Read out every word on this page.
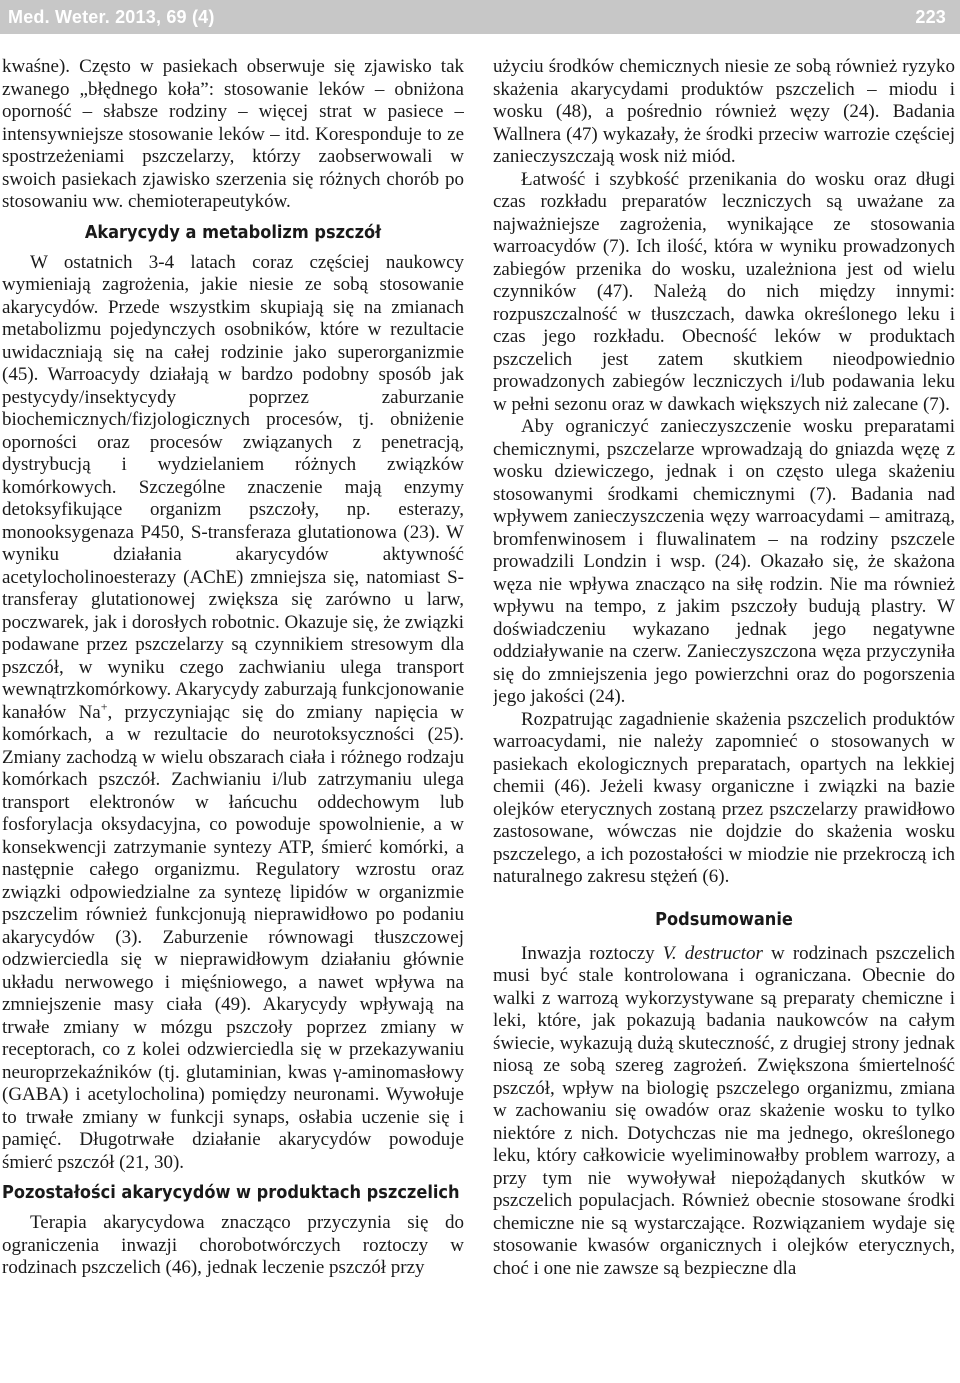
Med. Weter. 2013, 69 (4)	223

kwaśne). Często w pasiekach obserwuje się zjawisko tak zwanego „błędnego koła”: stosowanie leków – obniżona oporność – słabsze rodziny – więcej strat w pasiece – intensywniejsze stosowanie leków – itd. Koresponduje to ze spostrzeżeniami pszczelarzy, którzy zaobserwowali w swoich pasiekach zjawisko szerzenia się różnych chorób po stosowaniu ww. chemioterapeutyków.

Akarycydy a metabolizm pszczół

W ostatnich 3-4 latach coraz częściej naukowcy wymieniają zagrożenia, jakie niesie ze sobą stosowanie akarycydów. Przede wszystkim skupiają się na zmianach metabolizmu pojedynczych osobników, które w rezultacie uwidaczniają się na całej rodzinie jako superorganizmie (45). Warroacydy działają w bardzo podobny sposób jak pestycydy/insektycydy poprzez zaburzanie biochemicznych/fizjologicznych procesów, tj. obniżenie oporności oraz procesów związanych z penetracją, dystrybucją i wydzielaniem różnych związków komórkowych. Szczególne znaczenie mają enzymy detoksyfikujące organizm pszczoły, np. esterazy, monooksygenaza P450, S-transferaza glutationowa (23). W wyniku działania akarycydów aktywność acetylocholinoesterazy (AChE) zmniejsza się, natomiast S-transferay glutationowej zwiększa się zarówno u larw, poczwarek, jak i dorosłych robotnic. Okazuje się, że związki podawane przez pszczelarzy są czynnikiem stresowym dla pszczół, w wyniku czego zachwianiu ulega transport wewnątrzkomórkowy. Akarycydy zaburzają funkcjonowanie kanałów Na+, przyczyniając się do zmiany napięcia w komórkach, a w rezultacie do neurotoksyczności (25). Zmiany zachodzą w wielu obszarach ciała i różnego rodzaju komórkach pszczół. Zachwianiu i/lub zatrzymaniu ulega transport elektronów w łańcuchu oddechowym lub fosforylacja oksydacyjna, co powoduje spowolnienie, a w konsekwencji zatrzymanie syntezy ATP, śmierć komórki, a następnie całego organizmu. Regulatory wzrostu oraz związki odpowiedzialne za syntezę lipidów w organizmie pszczelim również funkcjonują nieprawidłowo po podaniu akarycydów (3). Zaburzenie równowagi tłuszczowej odzwierciedla się w nieprawidłowym działaniu głównie układu nerwowego i mięśniowego, a nawet wpływa na zmniejszenie masy ciała (49). Akarycydy wpływają na trwałe zmiany w mózgu pszczoły poprzez zmiany w receptorach, co z kolei odzwierciedla się w przekazywaniu neuroprzekaźników (tj. glutaminian, kwas γ-aminomasłowy (GABA) i acetylocholina) pomiędzy neuronami. Wywołuje to trwałe zmiany w funkcji synaps, osłabia uczenie się i pamięć. Długotrwałe działanie akarycydów powoduje śmierć pszczół (21, 30).

Pozostałości akarycydów w produktach pszczelich

Terapia akarycydowa znacząco przyczynia się do ograniczenia inwazji chorobotwórczych roztoczy w rodzinach pszczelich (46), jednak leczenie pszczół przy

użyciu środków chemicznych niesie ze sobą również ryzyko skażenia akarycydami produktów pszczelich – miodu i wosku (48), a pośrednio również węzy (24). Badania Wallnera (47) wykazały, że środki przeciw warrozie częściej zanieczyszczają wosk niż miód.

Łatwość i szybkość przenikania do wosku oraz długi czas rozkładu preparatów leczniczych są uważane za najważniejsze zagrożenia, wynikające ze stosowania warroacydów (7). Ich ilość, która w wyniku prowadzonych zabiegów przenika do wosku, uzależniona jest od wielu czynników (47). Należą do nich między innymi: rozpuszczalność w tłuszczach, dawka określonego leku i czas jego rozkładu. Obecność leków w produktach pszczelich jest zatem skutkiem nieodpowiednio prowadzonych zabiegów leczniczych i/lub podawania leku w pełni sezonu oraz w dawkach większych niż zalecane (7).

Aby ograniczyć zanieczyszczenie wosku preparatami chemicznymi, pszczelarze wprowadzają do gniazda węzę z wosku dziewiczego, jednak i on często ulega skażeniu stosowanymi środkami chemicznymi (7). Badania nad wpływem zanieczyszczenia węzy warroacydami – amitrazą, bromfenwinosem i fluwalinatem – na rodziny pszczele prowadzili Londzin i wsp. (24). Okazało się, że skażona węza nie wpływa znacząco na siłę rodzin. Nie ma również wpływu na tempo, z jakim pszczoły budują plastry. W doświadczeniu wykazano jednak jego negatywne oddziaływanie na czerw. Zanieczyszczona węza przyczyniła się do zmniejszenia jego powierzchni oraz do pogorszenia jego jakości (24).

Rozpatrując zagadnienie skażenia pszczelich produktów warroacydami, nie należy zapomnieć o stosowanych w pasiekach ekologicznych preparatach, opartych na lekkiej chemii (46). Jeżeli kwasy organiczne i związki na bazie olejków eterycznych zostaną przez pszczelarzy prawidłowo zastosowane, wówczas nie dojdzie do skażenia wosku pszczelego, a ich pozostałości w miodzie nie przekroczą ich naturalnego zakresu stężeń (6).

Podsumowanie

Inwazja roztoczy V. destructor w rodzinach pszczelich musi być stale kontrolowana i ograniczana. Obecnie do walki z warrozą wykorzystywane są preparaty chemiczne i leki, które, jak pokazują badania naukowców na całym świecie, wykazują dużą skuteczność, z drugiej strony jednak niosą ze sobą szereg zagrożeń. Zwiększona śmiertelność pszczół, wpływ na biologię pszczelego organizmu, zmiana w zachowaniu się owadów oraz skażenie wosku to tylko niektóre z nich. Dotychczas nie ma jednego, określonego leku, który całkowicie wyeliminowałby problem warrozy, a przy tym nie wywoływał niepożądanych skutków w pszczelich populacjach. Również obecnie stosowane środki chemiczne nie są wystarczające. Rozwiązaniem wydaje się stosowanie kwasów organicznych i olejków eterycznych, choć i one nie zawsze są bezpieczne dla
